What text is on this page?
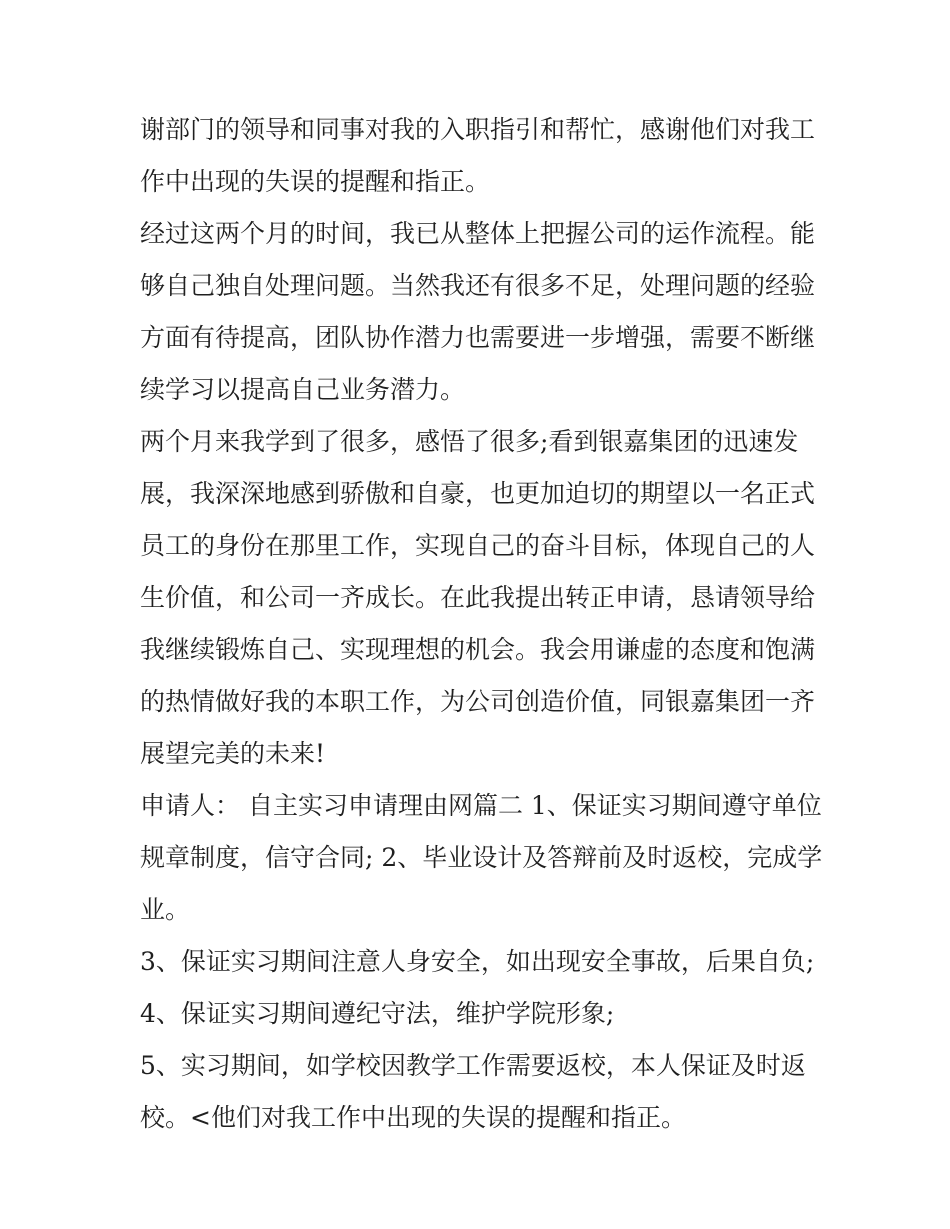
谢部门的领导和同事对我的入职指引和帮忙，感谢他们对我工
作中出现的失误的提醒和指正。
经过这两个月的时间，我已从整体上把握公司的运作流程。能
够自己独自处理问题。当然我还有很多不足，处理问题的经验
方面有待提高，团队协作潜力也需要进一步增强，需要不断继
续学习以提高自己业务潜力。
两个月来我学到了很多，感悟了很多;看到银嘉集团的迅速发
展，我深深地感到骄傲和自豪，也更加迫切的期望以一名正式
员工的身份在那里工作，实现自己的奋斗目标，体现自己的人
生价值，和公司一齐成长。在此我提出转正申请，恳请领导给
我继续锻炼自己、实现理想的机会。我会用谦虚的态度和饱满
的热情做好我的本职工作，为公司创造价值，同银嘉集团一齐
展望完美的未来!
申请人： 自主实习申请理由网篇二 1、保证实习期间遵守单位
规章制度，信守合同; 2、毕业设计及答辩前及时返校，完成学
业。
3、保证实习期间注意人身安全，如出现安全事故，后果自负;
4、保证实习期间遵纪守法，维护学院形象;
5、实习期间，如学校因教学工作需要返校，本人保证及时返
校。<他们对我工作中出现的失误的提醒和指正。
